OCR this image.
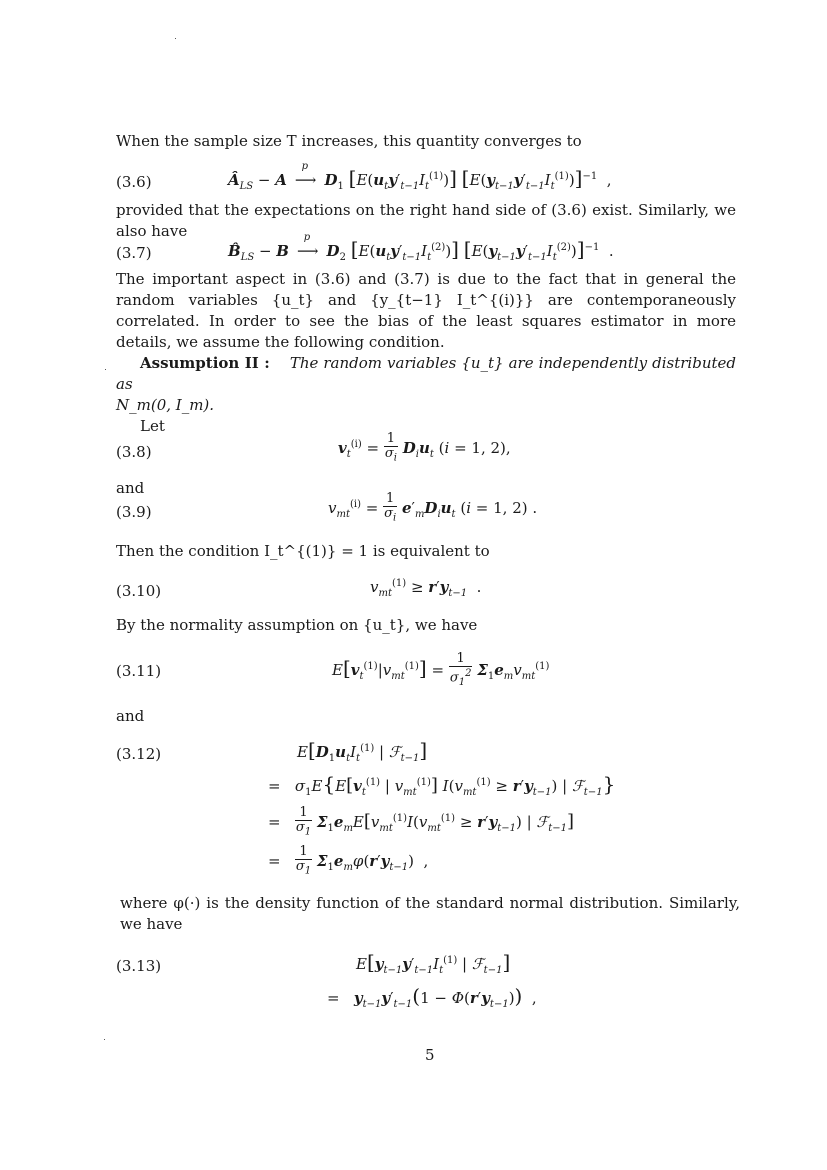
When the sample size T increases, this quantity converges to
(3.6)	$Â_{LS} - A$
p
⟶ $D_1$ $[E(u_ty'_{t-1}I_t^{(1)})]$ $[E(y_{t-1}y'_{t-1}I_t^{(1)})]^{-1}$  ,
provided that the expectations on the right hand side of (3.6) exist. Similarly, we also have
(3.7)	$B̂_{LS} - B$
p
⟶ $D_2$ $[E(u_ty'_{t-1}I_t^{(2)})]$ $[E(y_{t-1}y'_{t-1}I_t^{(2)})]^{-1}$  .
The important aspect in (3.6) and (3.7) is due to the fact that in general the random variables {u_t} and {y_{t−1} I_t^{(i)}} are contemporaneously correlated. In order to see the bias of the least squares estimator in more details, we assume the following condition.
Assumption II : The random variables {u_t} are independently distributed as
N_m(0, I_m).
Let
(3.8)	$v_t^{(i)} = \frac{1}{\sigma_i} D_iu_t$ (i = 1, 2),
and
(3.9)	$v_{mt}^{(i)} = \frac{1}{\sigma_i} e'_mD_iu_t$ (i = 1, 2) .
Then the condition I_t^{(1)} = 1 is equivalent to
(3.10)	$v_{mt}^{(1)} \ge r'y_{t-1}$  .
By the normality assumption on {u_t}, we have
(3.11)	$E[v_t^{(1)}|v_{mt}^{(1)}] = \frac{1}{\sigma_1^2} \Sigma_1e_mv_{mt}^{(1)}$
and
(3.12)	$E[D_1u_tI_t^{(1)}$ | ℱ$_{t-1}$]
=   $\sigma_1E\{E[v_t^{(1)}$ | $v_{mt}^{(1)}$] $I(v_{mt}^{(1)} \ge r'y_{t-1})$ | ℱ$_{t-1}$}
= $\frac{1}{\sigma_1} \Sigma_1e_mE[v_{mt}^{(1)}I(v_{mt}^{(1)} \ge r'y_{t-1})$ | ℱ$_{t-1}$]
= $\frac{1}{\sigma_1} \Sigma_1e_m\varphi(r'y_{t-1})$  ,
where φ(·) is the density function of the standard normal distribution. Similarly, we have
(3.13)	$E[y_{t-1}y'_{t-1}I_t^{(1)}$ | ℱ$_{t-1}$]
=   $y_{t-1}y'_{t-1}(1 - \Phi(r'y_{t-1}))$  ,
5
